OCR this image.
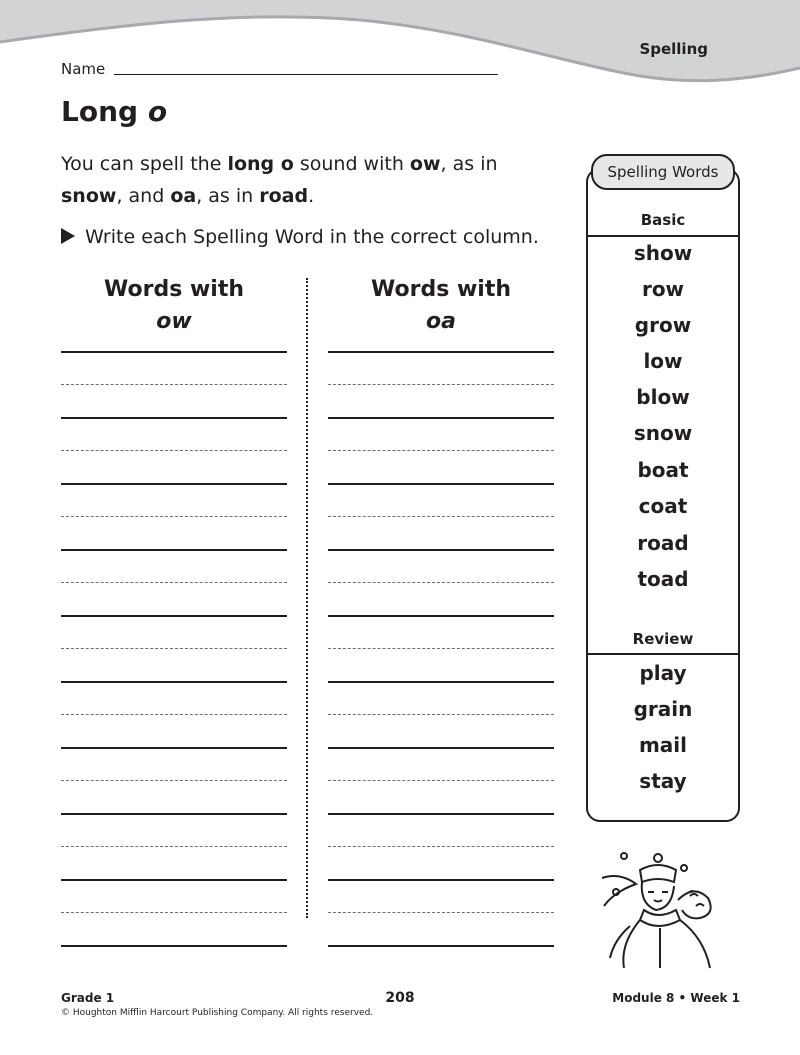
Spelling
Name
Long o
You can spell the long o sound with ow, as in
snow, and oa, as in road.
Write each Spelling Word in the correct column.
Words with
ow
Words with
oa
Spelling Words
Basic
show
row
grow
low
blow
snow
boat
coat
road
toad
Review
play
grain
mail
stay
Grade 1
© Houghton Mifflin Harcourt Publishing Company. All rights reserved.
208	Module 8 • Week 1
